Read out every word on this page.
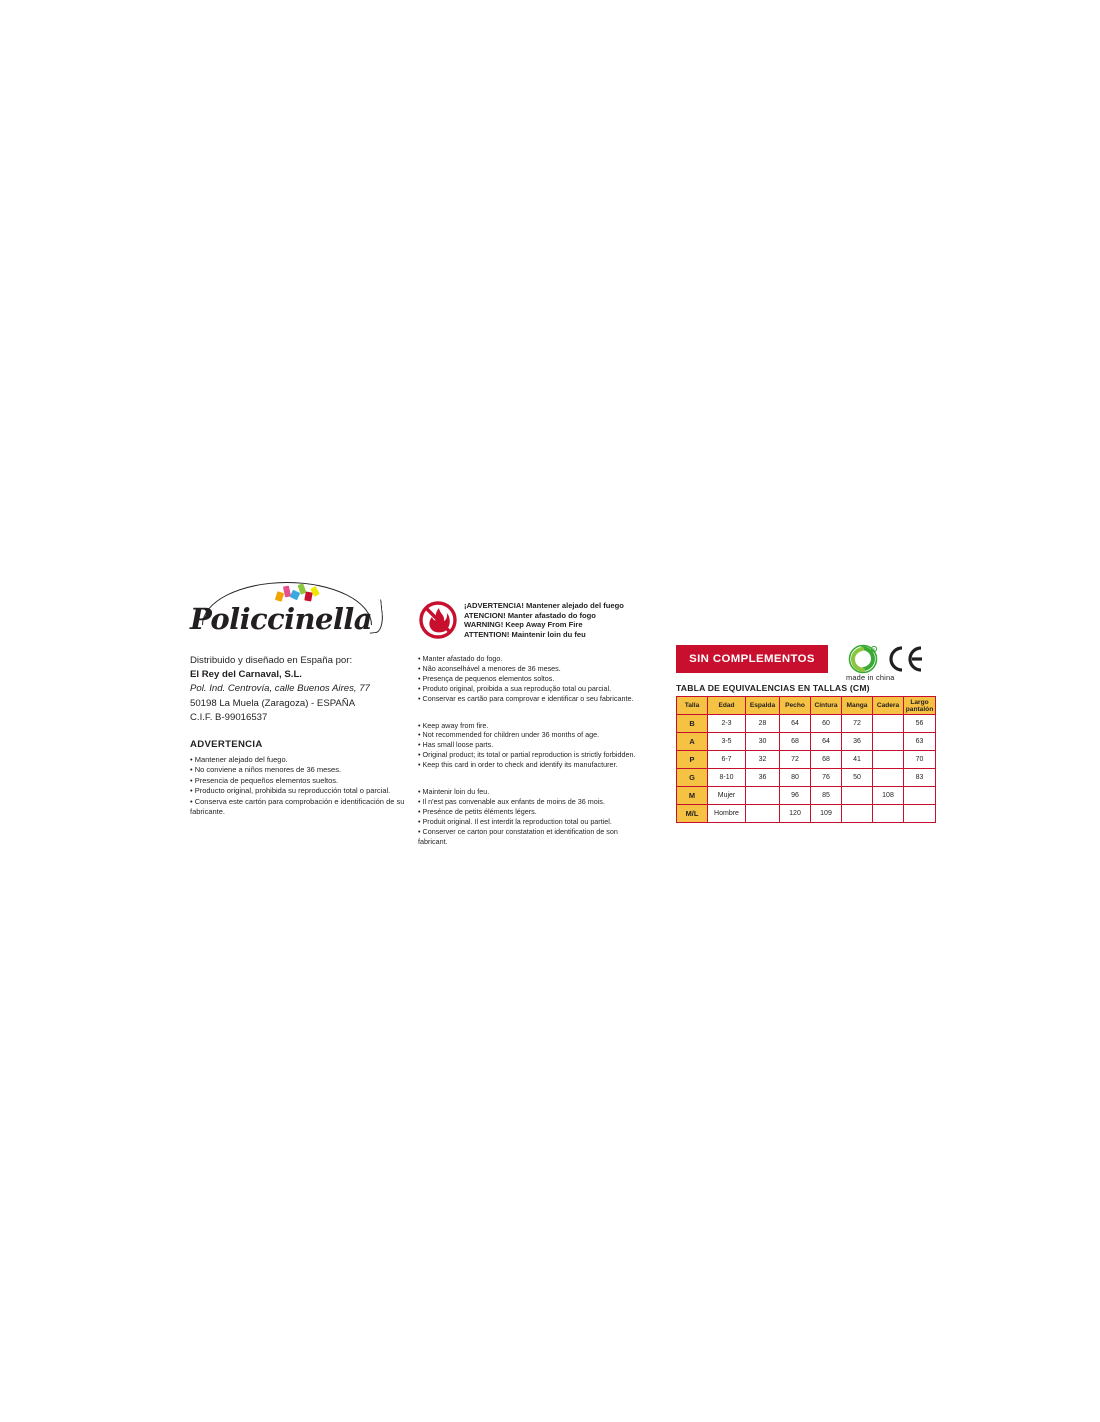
Policcinella
Distribuido y diseñado en España por:
El Rey del Carnaval, S.L.
Pol. Ind. Centrovía, calle Buenos Aires, 77
50198 La Muela (Zaragoza) - ESPAÑA
C.I.F. B-99016537
ADVERTENCIA
• Mantener alejado del fuego.
• No conviene a niños menores de 36 meses.
• Presencia de pequeños elementos sueltos.
• Producto original, prohibida su reproducción total o parcial.
• Conserva este cartón para comprobación e identificación de su fabricante.
¡ADVERTENCIA! Mantener alejado del fuego
ATENCION! Manter afastado do fogo
WARNING! Keep Away From Fire
ATTENTION! Maintenir loin du feu
• Manter afastado do fogo.
• Não aconselhável a menores de 36 meses.
• Presença de pequenos elementos soltos.
• Produto original, proibida a sua reprodução total ou parcial.
• Conservar es cartão para comprovar e identificar o seu fabricante.
• Keep away from fire.
• Not recommended for children under 36 months of age.
• Has small loose parts.
• Original product; its total or partial reproduction is strictly forbidden.
• Keep this card in order to check and identify its manufacturer.
• Maintenir loin du feu.
• Il n'est pas convenable aux enfants de moins de 36 mois.
• Presénce de petits éléments légers.
• Produit original. Il est interdit la reproduction total ou partiel.
• Conserver ce carton pour constatation et identification de son fabricant.
SIN COMPLEMENTOS
R
made in china
TABLA DE EQUIVALENCIAS EN TALLAS (CM)
Talla	Edad	Espalda	Pecho	Cintura	Manga	Cadera	Largo pantalón
B	2-3	28	64	60	72		56
A	3-5	30	68	64	36		63
P	6-7	32	72	68	41		70
G	8-10	36	80	76	50		83
M	Mujer		96	85		108	
M/L	Hombre		120	109			
